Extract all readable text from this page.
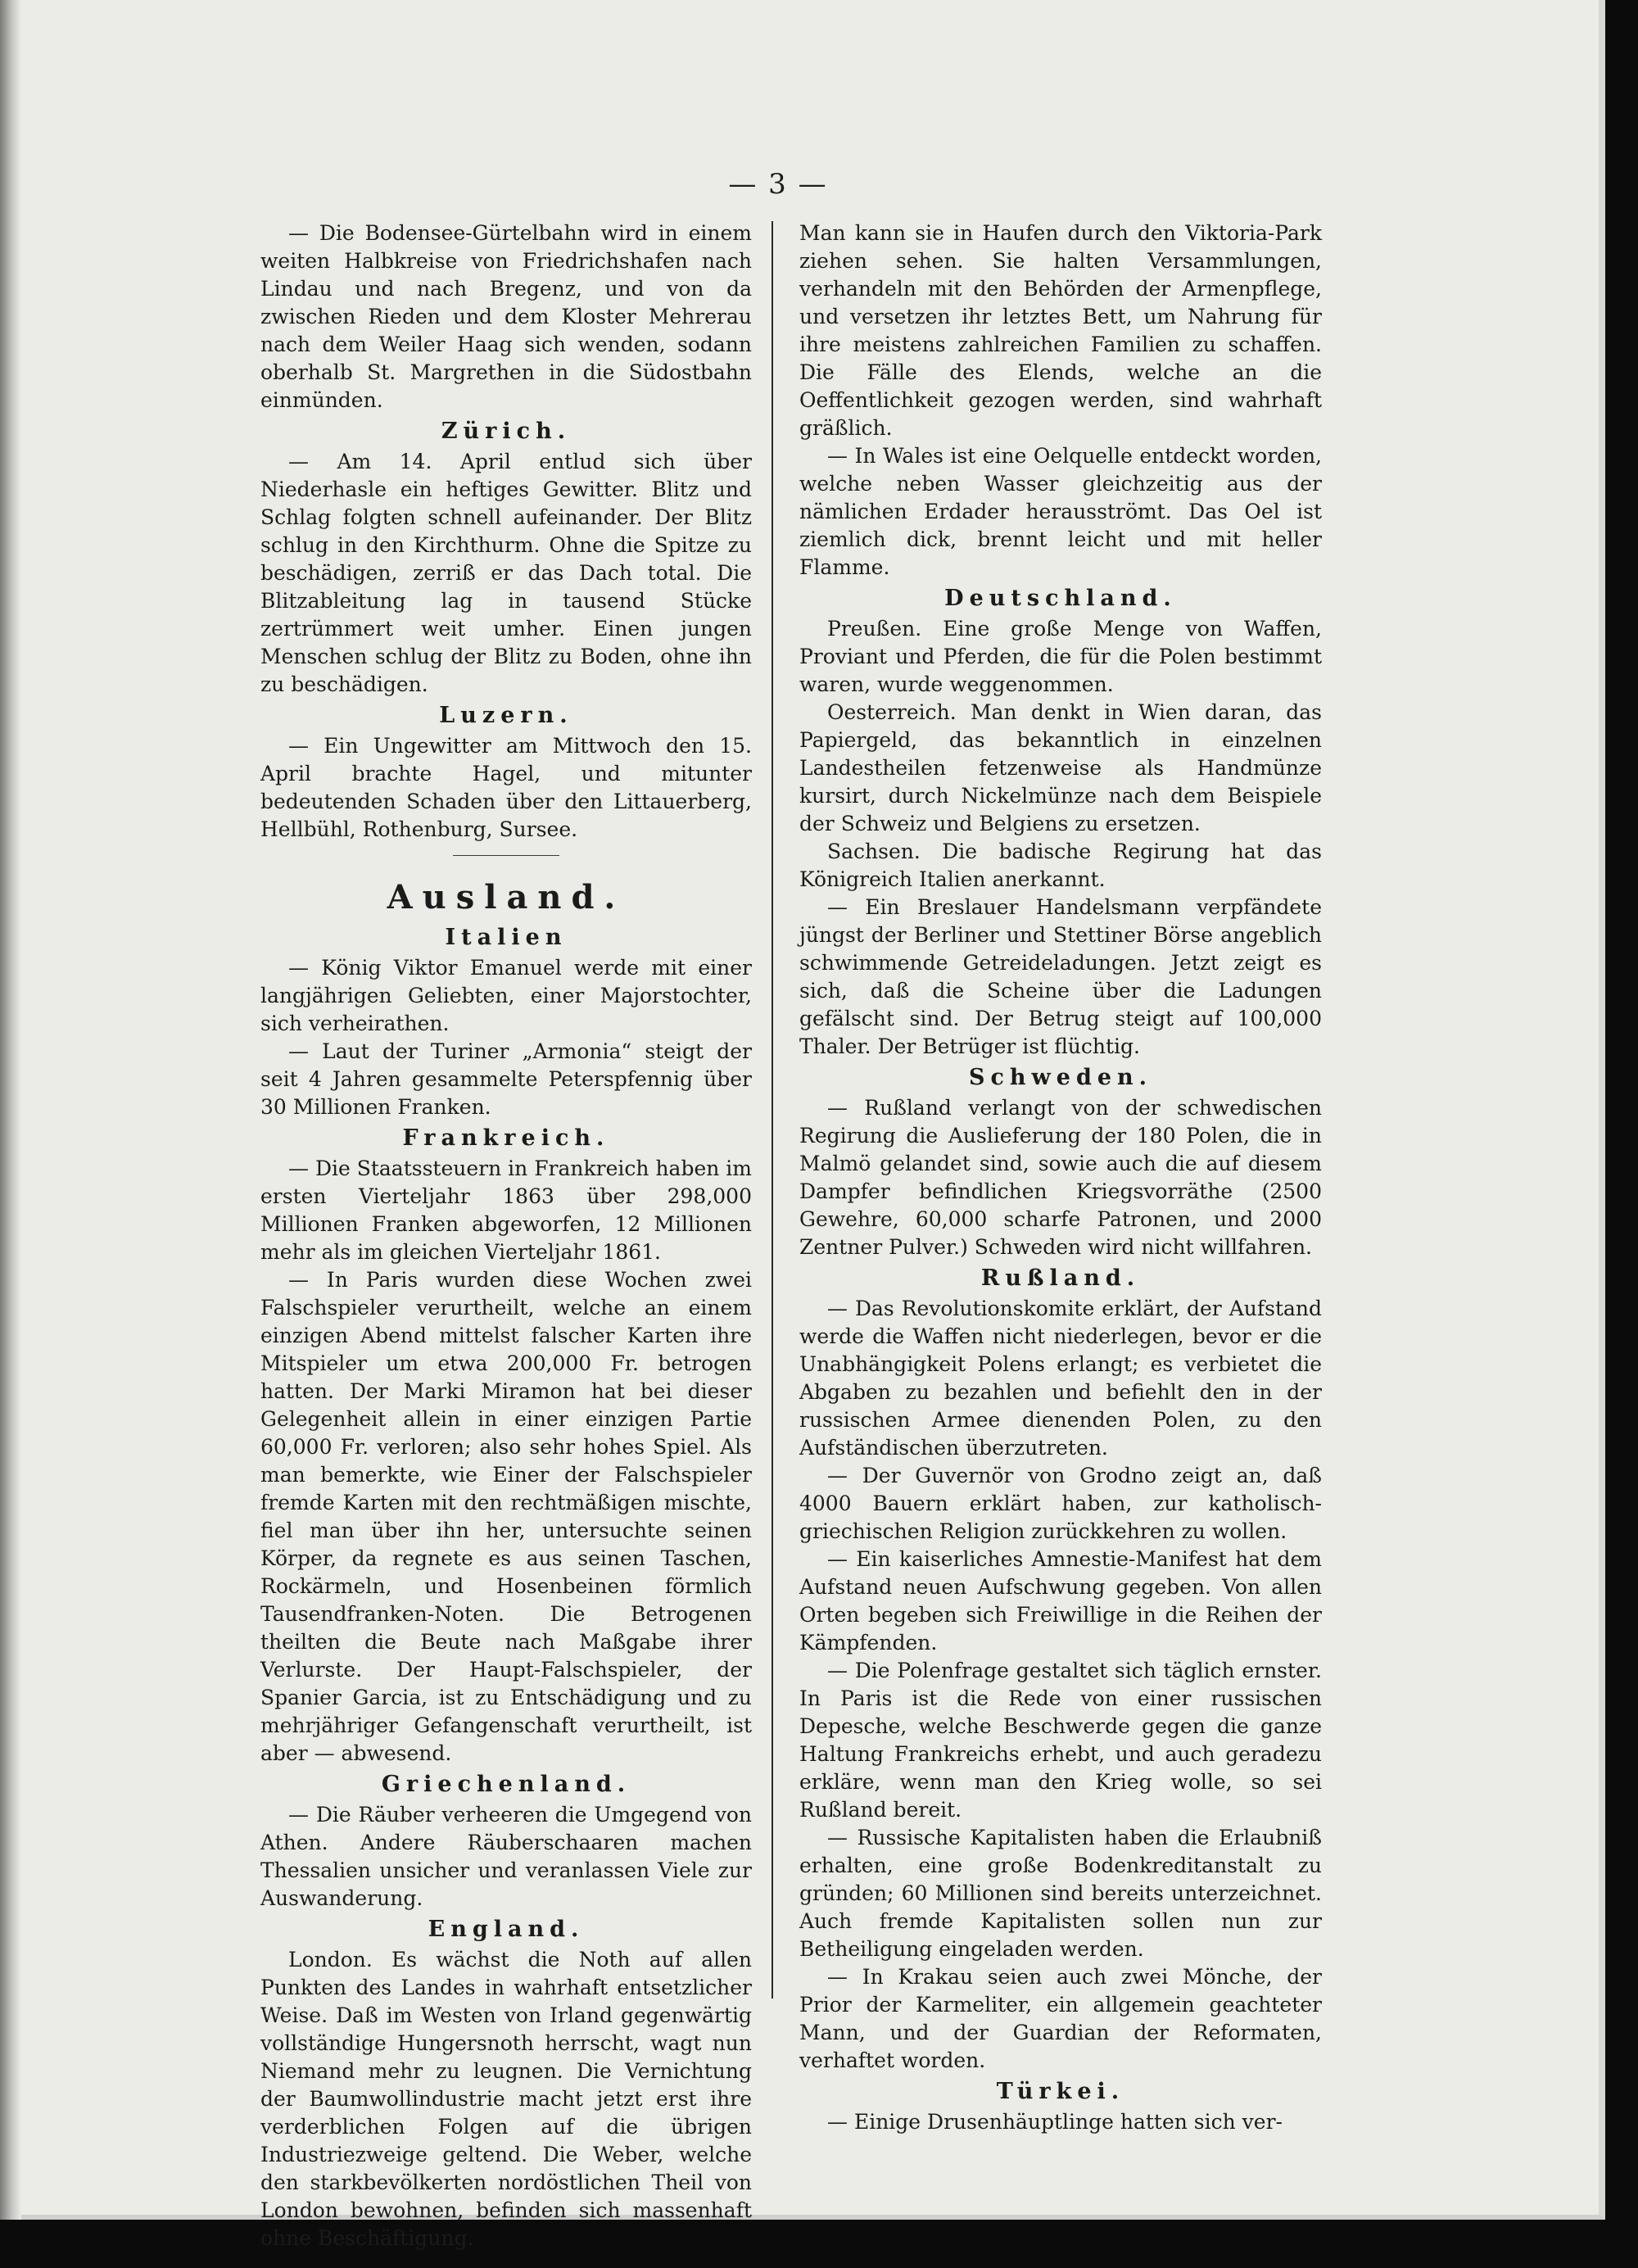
— 3 —

— Die Bodensee-Gürtelbahn wird in einem weiten Halbkreise von Friedrichshafen nach Lindau und nach Bregenz, und von da zwischen Rieden und dem Kloster Mehrerau nach dem Weiler Haag sich wenden, sodann oberhalb St. Margrethen in die Südostbahn einmünden.

Zürich.

— Am 14. April entlud sich über Niederhasle ein heftiges Gewitter. Blitz und Schlag folgten schnell aufeinander. Der Blitz schlug in den Kirchthurm. Ohne die Spitze zu beschädigen, zerriß er das Dach total. Die Blitzableitung lag in tausend Stücke zertrümmert weit umher. Einen jungen Menschen schlug der Blitz zu Boden, ohne ihn zu beschädigen.

Luzern.

— Ein Ungewitter am Mittwoch den 15. April brachte Hagel, und mitunter bedeutenden Schaden über den Littauerberg, Hellbühl, Rothenburg, Sursee.

Ausland.
Italien

— König Viktor Emanuel werde mit einer langjährigen Geliebten, einer Majorstochter, sich verheirathen.

— Laut der Turiner „Armonia“ steigt der seit 4 Jahren gesammelte Peterspfennig über 30 Millionen Franken.

Frankreich.

— Die Staatssteuern in Frankreich haben im ersten Vierteljahr 1863 über 298,000 Millionen Franken abgeworfen, 12 Millionen mehr als im gleichen Vierteljahr 1861.

— In Paris wurden diese Wochen zwei Falschspieler verurtheilt, welche an einem einzigen Abend mittelst falscher Karten ihre Mitspieler um etwa 200,000 Fr. betrogen hatten. Der Marki Miramon hat bei dieser Gelegenheit allein in einer einzigen Partie 60,000 Fr. verloren; also sehr hohes Spiel. Als man bemerkte, wie Einer der Falschspieler fremde Karten mit den rechtmäßigen mischte, fiel man über ihn her, untersuchte seinen Körper, da regnete es aus seinen Taschen, Rockärmeln, und Hosenbeinen förmlich Tausendfranken-Noten. Die Betrogenen theilten die Beute nach Maßgabe ihrer Verlurste. Der Haupt-Falschspieler, der Spanier Garcia, ist zu Entschädigung und zu mehrjähriger Gefangenschaft verurtheilt, ist aber — abwesend.

Griechenland.

— Die Räuber verheeren die Umgegend von Athen. Andere Räuberschaaren machen Thessalien unsicher und veranlassen Viele zur Auswanderung.

England.

London. Es wächst die Noth auf allen Punkten des Landes in wahrhaft entsetzlicher Weise. Daß im Westen von Irland gegenwärtig vollständige Hungersnoth herrscht, wagt nun Niemand mehr zu leugnen. Die Vernichtung der Baumwollindustrie macht jetzt erst ihre verderblichen Folgen auf die übrigen Industriezweige geltend. Die Weber, welche den starkbevölkerten nordöstlichen Theil von London bewohnen, befinden sich massenhaft ohne Beschäftigung.

Man kann sie in Haufen durch den Viktoria-Park ziehen sehen. Sie halten Versammlungen, verhandeln mit den Behörden der Armenpflege, und versetzen ihr letztes Bett, um Nahrung für ihre meistens zahlreichen Familien zu schaffen. Die Fälle des Elends, welche an die Oeffentlichkeit gezogen werden, sind wahrhaft gräßlich.

— In Wales ist eine Oelquelle entdeckt worden, welche neben Wasser gleichzeitig aus der nämlichen Erdader herausströmt. Das Oel ist ziemlich dick, brennt leicht und mit heller Flamme.

Deutschland.

Preußen. Eine große Menge von Waffen, Proviant und Pferden, die für die Polen bestimmt waren, wurde weggenommen.

Oesterreich. Man denkt in Wien daran, das Papiergeld, das bekanntlich in einzelnen Landestheilen fetzenweise als Handmünze kursirt, durch Nickelmünze nach dem Beispiele der Schweiz und Belgiens zu ersetzen.

Sachsen. Die badische Regirung hat das Königreich Italien anerkannt.

— Ein Breslauer Handelsmann verpfändete jüngst der Berliner und Stettiner Börse angeblich schwimmende Getreideladungen. Jetzt zeigt es sich, daß die Scheine über die Ladungen gefälscht sind. Der Betrug steigt auf 100,000 Thaler. Der Betrüger ist flüchtig.

Schweden.

— Rußland verlangt von der schwedischen Regirung die Auslieferung der 180 Polen, die in Malmö gelandet sind, sowie auch die auf diesem Dampfer befindlichen Kriegsvorräthe (2500 Gewehre, 60,000 scharfe Patronen, und 2000 Zentner Pulver.) Schweden wird nicht willfahren.

Rußland.

— Das Revolutionskomite erklärt, der Aufstand werde die Waffen nicht niederlegen, bevor er die Unabhängigkeit Polens erlangt; es verbietet die Abgaben zu bezahlen und befiehlt den in der russischen Armee dienenden Polen, zu den Aufständischen überzutreten.

— Der Guvernör von Grodno zeigt an, daß 4000 Bauern erklärt haben, zur katholisch-griechischen Religion zurückkehren zu wollen.

— Ein kaiserliches Amnestie-Manifest hat dem Aufstand neuen Aufschwung gegeben. Von allen Orten begeben sich Freiwillige in die Reihen der Kämpfenden.

— Die Polenfrage gestaltet sich täglich ernster. In Paris ist die Rede von einer russischen Depesche, welche Beschwerde gegen die ganze Haltung Frankreichs erhebt, und auch geradezu erkläre, wenn man den Krieg wolle, so sei Rußland bereit.

— Russische Kapitalisten haben die Erlaubniß erhalten, eine große Bodenkreditanstalt zu gründen; 60 Millionen sind bereits unterzeichnet. Auch fremde Kapitalisten sollen nun zur Betheiligung eingeladen werden.

— In Krakau seien auch zwei Mönche, der Prior der Karmeliter, ein allgemein geachteter Mann, und der Guardian der Reformaten, verhaftet worden.

Türkei.

— Einige Drusenhäuptlinge hatten sich ver-
